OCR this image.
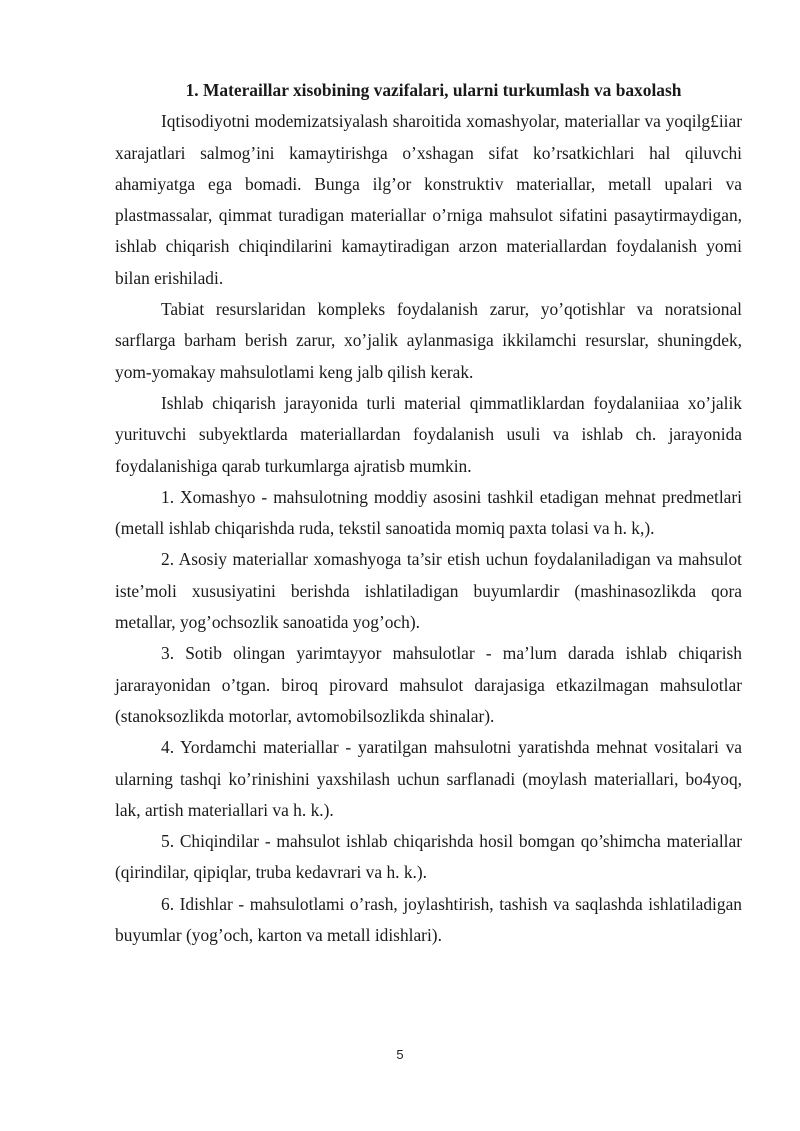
1. Materaillar xisobining vazifalari, ularni turkumlash va baxolash

Iqtisodiyotni modemizatsiyalash sharoitida xomashyolar, materiallar va yoqilg£iiar xarajatlari salmog’ini kamaytirishga o’xshagan sifat ko’rsatkichlari hal qiluvchi ahamiyatga ega bomadi. Bunga ilg’or konstruktiv materiallar, metall upalari va plastmassalar, qimmat turadigan materiallar o’rniga mahsulot sifatini pasaytirmaydigan, ishlab chiqarish chiqindilarini kamaytiradigan arzon materiallardan foydalanish yomi bilan erishiladi.

Tabiat resurslaridan kompleks foydalanish zarur, yo’qotishlar va noratsional sarflarga barham berish zarur, xo’jalik aylanmasiga ikkilamchi resurslar, shuningdek, yom-yomakay mahsulotlami keng jalb qilish kerak.

Ishlab chiqarish jarayonida turli material qimmatliklardan foydalaniiaa xo’jalik yurituvchi subyektlarda materiallardan foydalanish usuli va ishlab ch. jarayonida foydalanishiga qarab turkumlarga ajratisb mumkin.

1. Xomashyo - mahsulotning moddiy asosini tashkil etadigan mehnat predmetlari (metall ishlab chiqarishda ruda, tekstil sanoatida momiq paxta tolasi va h. k,).

2. Asosiy materiallar xomashyoga ta’sir etish uchun foydalaniladigan va mahsulot iste’moli xususiyatini berishda ishlatiladigan buyumlardir (mashinasozlikda qora metallar, yog’ochsozlik sanoatida yog’och).

3. Sotib olingan yarimtayyor mahsulotlar - ma’lum darada ishlab chiqarish jararayonidan o’tgan. biroq pirovard mahsulot darajasiga etkazilmagan mahsulotlar (stanoksozlikda motorlar, avtomobilsozlikda shinalar).

4. Yordamchi materiallar - yaratilgan mahsulotni yaratishda mehnat vositalari va ularning tashqi ko’rinishini yaxshilash uchun sarflanadi (moylash materiallari, bo4yoq, lak, artish materiallari va h. k.).

5. Chiqindilar - mahsulot ishlab chiqarishda hosil bomgan qo’shimcha materiallar (qirindilar, qipiqlar, truba kedavrari va h. k.).

6. Idishlar - mahsulotlami o’rash, joylashtirish, tashish va saqlashda ishlatiladigan buyumlar (yog’och, karton va metall idishlari).

5
